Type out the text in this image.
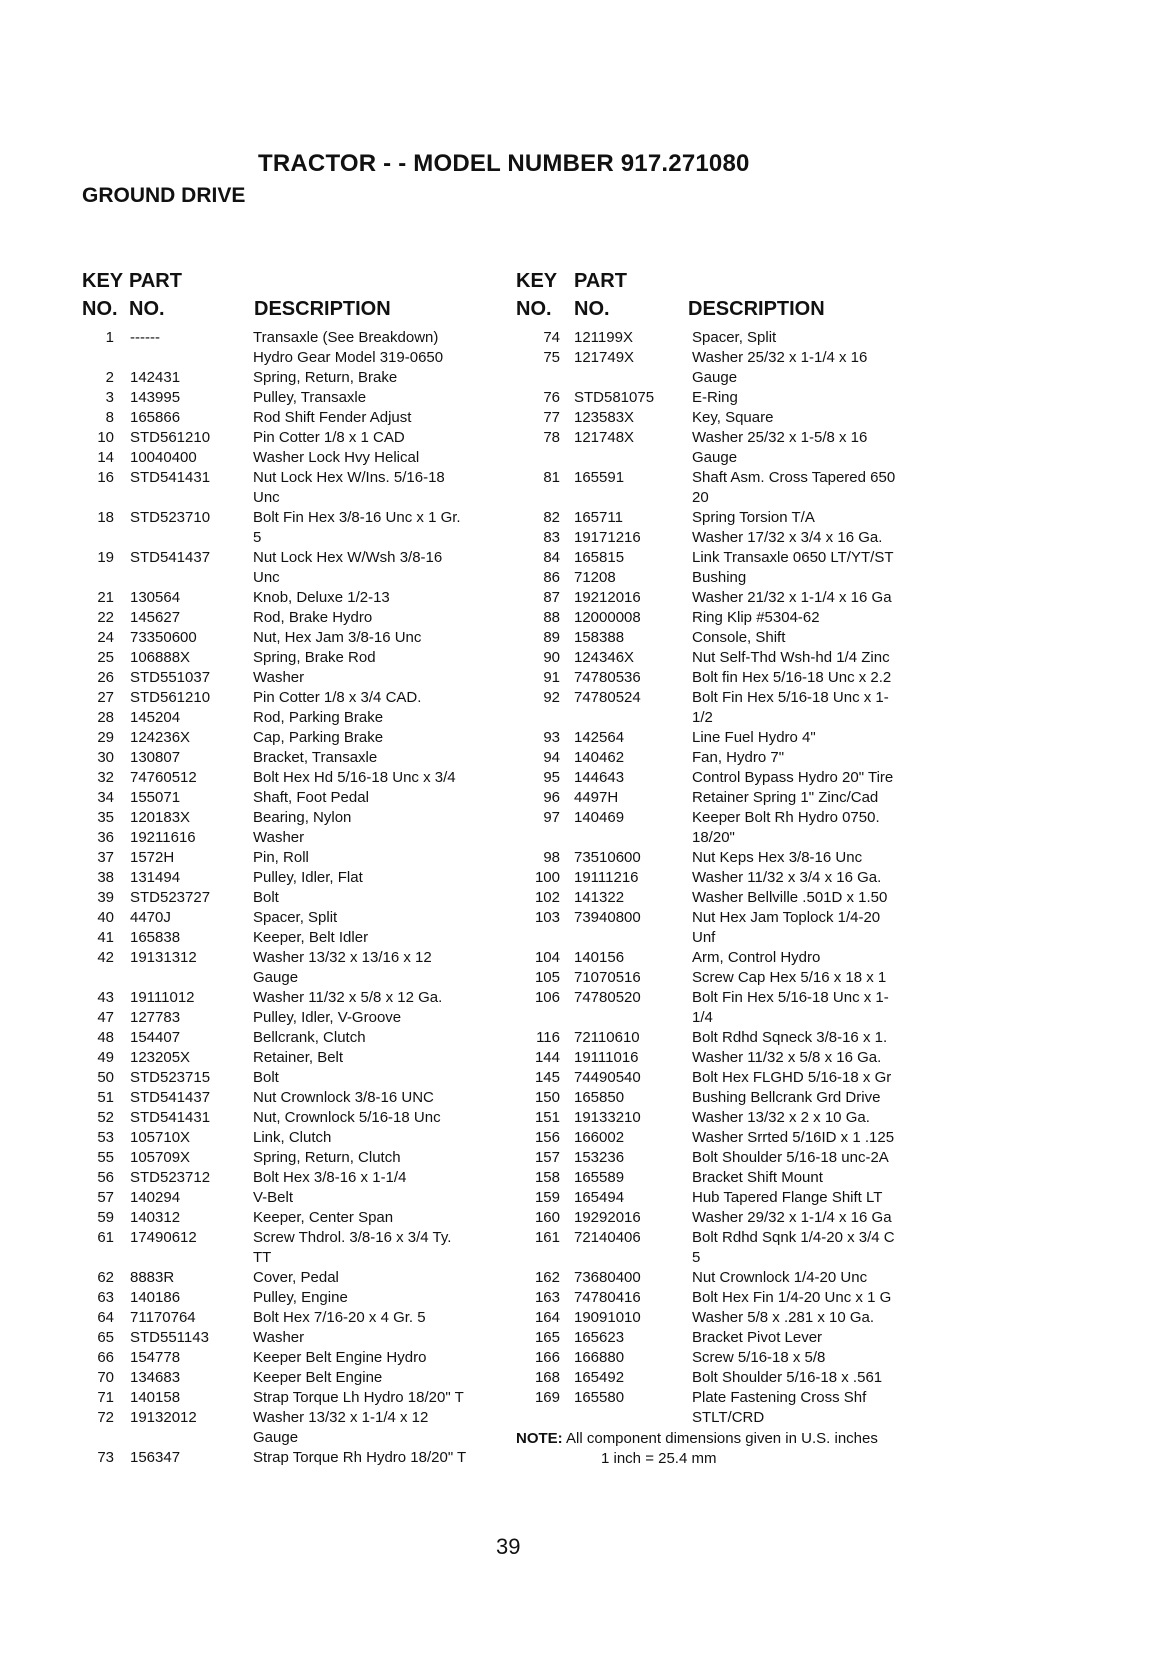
TRACTOR - - MODEL NUMBER 917.271080
GROUND DRIVE
KEY PART
NO. NO.	DESCRIPTION
1 ------	Transaxle (See Breakdown)
Hydro Gear Model 319-0650
2 142431	Spring, Return, Brake
3 143995	Pulley, Transaxle
8 165866	Rod Shift Fender Adjust
10 STD561210	Pin Cotter 1/8 x 1 CAD
14 10040400	Washer Lock Hvy Helical
16 STD541431	Nut Lock Hex W/Ins. 5/16-18
Unc
18 STD523710	Bolt Fin Hex 3/8-16 Unc x 1 Gr.
5
19 STD541437	Nut Lock Hex W/Wsh 3/8-16
Unc
21 130564	Knob, Deluxe 1/2-13
22 145627	Rod, Brake Hydro
24 73350600	Nut, Hex Jam 3/8-16 Unc
25 106888X	Spring, Brake Rod
26 STD551037	Washer
27 STD561210	Pin Cotter 1/8 x 3/4 CAD.
28 145204	Rod, Parking Brake
29 124236X	Cap, Parking Brake
30 130807	Bracket, Transaxle
32 74760512	Bolt Hex Hd 5/16-18 Unc x 3/4
34 155071	Shaft, Foot Pedal
35 120183X	Bearing, Nylon
36 19211616	Washer
37 1572H	Pin, Roll
38 131494	Pulley, Idler, Flat
39 STD523727	Bolt
40 4470J	Spacer, Split
41 165838	Keeper, Belt Idler
42 19131312	Washer 13/32 x 13/16 x 12
Gauge
43 19111012	Washer 11/32 x 5/8 x 12 Ga.
47 127783	Pulley, Idler, V-Groove
48 154407	Bellcrank, Clutch
49 123205X	Retainer, Belt
50 STD523715	Bolt
51 STD541437	Nut Crownlock 3/8-16 UNC
52 STD541431	Nut, Crownlock 5/16-18 Unc
53 105710X	Link, Clutch
55 105709X	Spring, Return, Clutch
56 STD523712	Bolt Hex 3/8-16 x 1-1/4
57 140294	V-Belt
59 140312	Keeper, Center Span
61 17490612	Screw Thdrol. 3/8-16 x 3/4 Ty.
TT
62 8883R	Cover, Pedal
63 140186	Pulley, Engine
64 71170764	Bolt Hex 7/16-20 x 4 Gr. 5
65 STD551143	Washer
66 154778	Keeper Belt Engine Hydro
70 134683	Keeper Belt Engine
71 140158	Strap Torque Lh Hydro 18/20" T
72 19132012	Washer 13/32 x 1-1/4 x 12
Gauge
73 156347	Strap Torque Rh Hydro 18/20" T
KEY PART
NO. NO.	DESCRIPTION
74 121199X	Spacer, Split
75 121749X	Washer 25/32 x 1-1/4 x 16
Gauge
76 STD581075	E-Ring
77 123583X	Key, Square
78 121748X	Washer 25/32 x 1-5/8 x 16
Gauge
81 165591	Shaft Asm. Cross Tapered 650
20
82 165711	Spring Torsion T/A
83 19171216	Washer 17/32 x 3/4 x 16 Ga.
84 165815	Link Transaxle 0650 LT/YT/ST
86 71208	Bushing
87 19212016	Washer 21/32 x 1-1/4 x 16 Ga
88 12000008	Ring Klip #5304-62
89 158388	Console, Shift
90 124346X	Nut Self-Thd Wsh-hd 1/4 Zinc
91 74780536	Bolt fin Hex 5/16-18 Unc x 2.2
92 74780524	Bolt Fin Hex 5/16-18 Unc x 1-
1/2
93 142564	Line Fuel Hydro 4"
94 140462	Fan, Hydro 7"
95 144643	Control Bypass Hydro 20" Tire
96 4497H	Retainer Spring 1" Zinc/Cad
97 140469	Keeper Bolt Rh Hydro 0750.
18/20"
98 73510600	Nut Keps Hex 3/8-16 Unc
100 19111216	Washer 11/32 x 3/4 x 16 Ga.
102 141322	Washer Bellville .501D x 1.50
103 73940800	Nut Hex Jam Toplock 1/4-20
Unf
104 140156	Arm, Control Hydro
105 71070516	Screw Cap Hex 5/16 x 18 x 1
106 74780520	Bolt Fin Hex 5/16-18 Unc x 1-
1/4
116 72110610	Bolt Rdhd Sqneck 3/8-16 x 1.
144 19111016	Washer 11/32 x 5/8 x 16 Ga.
145 74490540	Bolt Hex FLGHD 5/16-18 x Gr
150 165850	Bushing Bellcrank Grd Drive
151 19133210	Washer 13/32 x 2 x 10 Ga.
156 166002	Washer Srrted 5/16ID x 1 .125
157 153236	Bolt Shoulder 5/16-18 unc-2A
158 165589	Bracket Shift Mount
159 165494	Hub Tapered Flange Shift LT
160 19292016	Washer 29/32 x 1-1/4 x 16 Ga
161 72140406	Bolt Rdhd Sqnk 1/4-20 x 3/4 C
5
162 73680400	Nut Crownlock 1/4-20 Unc
163 74780416	Bolt Hex Fin 1/4-20 Unc x 1 G
164 19091010	Washer 5/8 x .281 x 10 Ga.
165 165623	Bracket Pivot Lever
166 166880	Screw 5/16-18 x 5/8
168 165492	Bolt Shoulder 5/16-18 x .561
169 165580	Plate Fastening Cross Shf
STLT/CRD
NOTE: All component dimensions given in U.S. inches
1 inch = 25.4 mm
39
